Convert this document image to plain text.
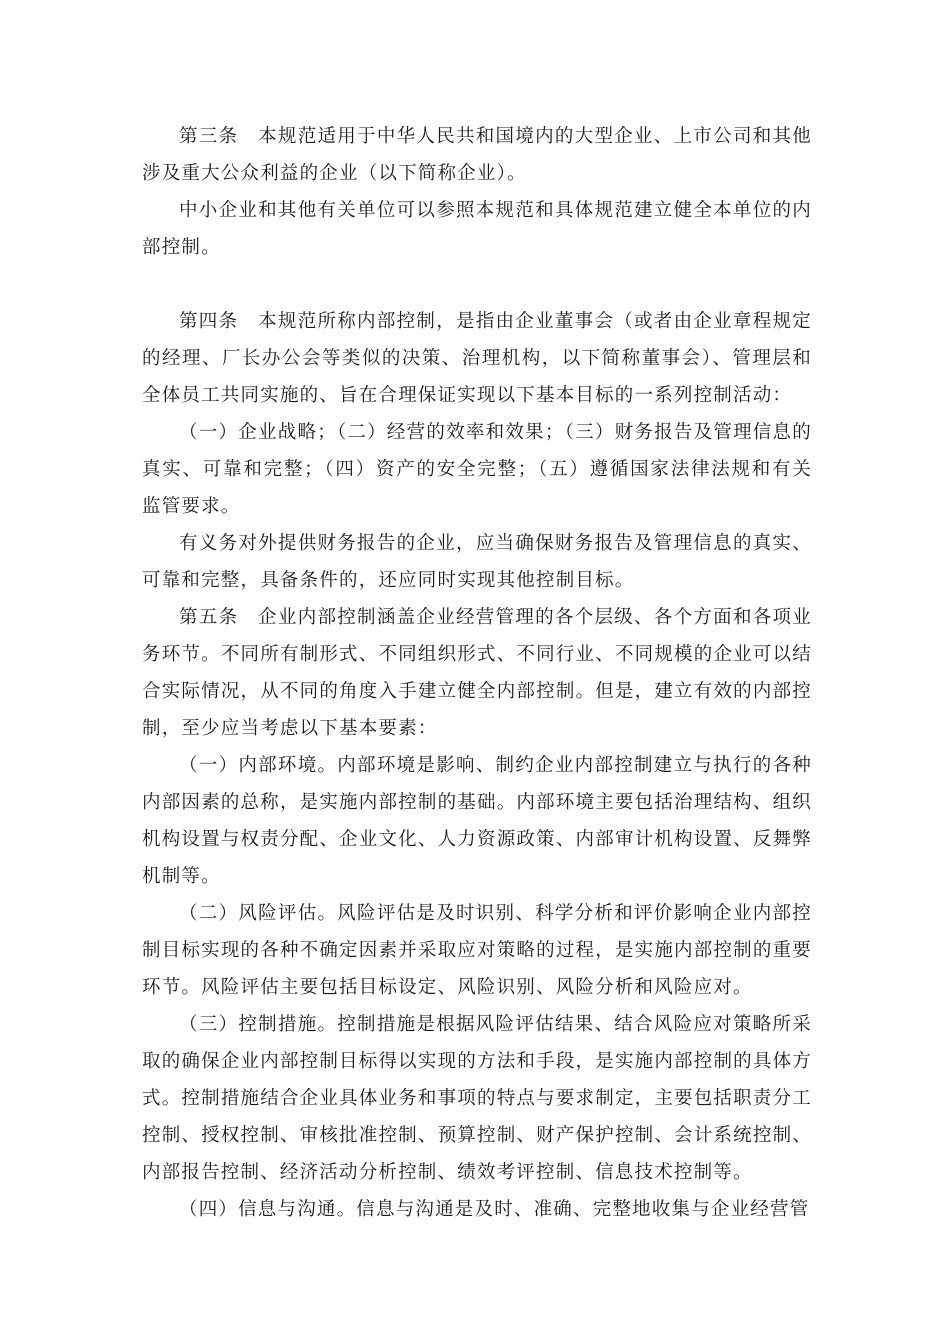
第三条　本规范适用于中华人民共和国境内的大型企业、上市公司和其他涉及重大公众利益的企业（以下简称企业）。

中小企业和其他有关单位可以参照本规范和具体规范建立健全本单位的内部控制。

第四条　本规范所称内部控制，是指由企业董事会（或者由企业章程规定的经理、厂长办公会等类似的决策、治理机构，以下简称董事会）、管理层和全体员工共同实施的、旨在合理保证实现以下基本目标的一系列控制活动：

（一）企业战略；（二）经营的效率和效果；（三）财务报告及管理信息的真实、可靠和完整；（四）资产的安全完整；（五）遵循国家法律法规和有关监管要求。

有义务对外提供财务报告的企业，应当确保财务报告及管理信息的真实、可靠和完整，具备条件的，还应同时实现其他控制目标。

第五条　企业内部控制涵盖企业经营管理的各个层级、各个方面和各项业务环节。不同所有制形式、不同组织形式、不同行业、不同规模的企业可以结合实际情况，从不同的角度入手建立健全内部控制。但是，建立有效的内部控制，至少应当考虑以下基本要素：

（一）内部环境。内部环境是影响、制约企业内部控制建立与执行的各种内部因素的总称，是实施内部控制的基础。内部环境主要包括治理结构、组织机构设置与权责分配、企业文化、人力资源政策、内部审计机构设置、反舞弊机制等。

（二）风险评估。风险评估是及时识别、科学分析和评价影响企业内部控制目标实现的各种不确定因素并采取应对策略的过程，是实施内部控制的重要环节。风险评估主要包括目标设定、风险识别、风险分析和风险应对。

（三）控制措施。控制措施是根据风险评估结果、结合风险应对策略所采取的确保企业内部控制目标得以实现的方法和手段，是实施内部控制的具体方式。控制措施结合企业具体业务和事项的特点与要求制定，主要包括职责分工控制、授权控制、审核批准控制、预算控制、财产保护控制、会计系统控制、内部报告控制、经济活动分析控制、绩效考评控制、信息技术控制等。

（四）信息与沟通。信息与沟通是及时、准确、完整地收集与企业经营管
